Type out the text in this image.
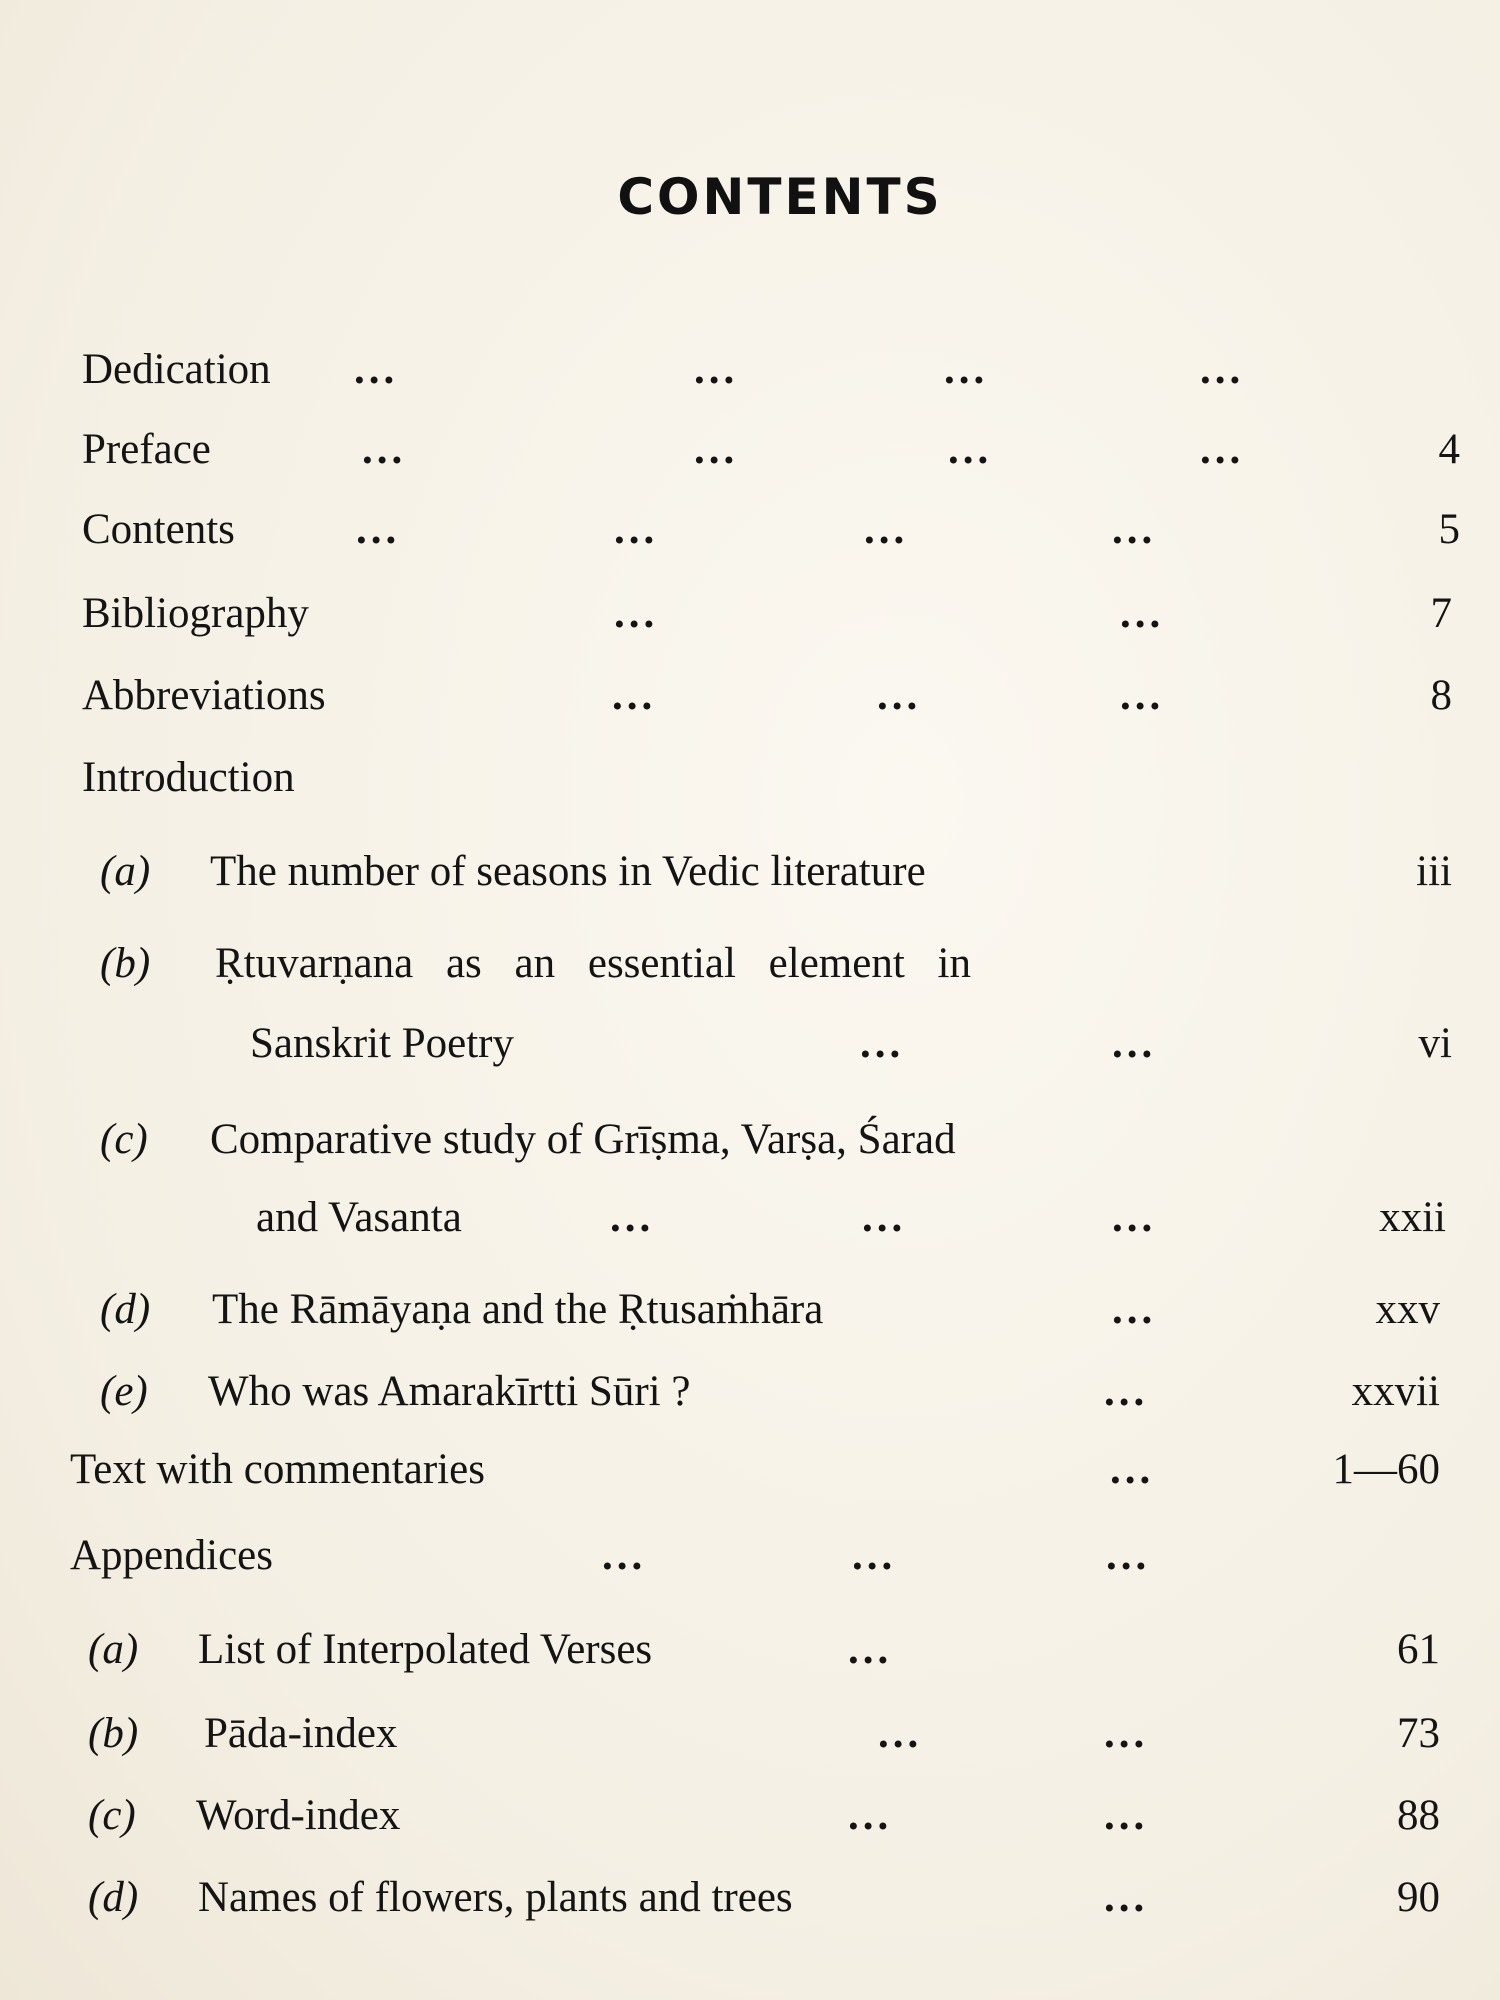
CONTENTS
Dedication ...	...	...	...
Preface	...	...	...	...	4
Contents	...	...	...	...	5
Bibliography	...	...	7
Abbreviations	...	...	...	8
Introduction
(a) The number of seasons in Vedic literature	iii
(b) Ṛtuvarṇana as an essential element in
Sanskrit Poetry	...	...	vi
(c) Comparative study of Grīṣma, Varṣa, Śarad
and Vasanta	...	...	...	xxii
(d) The Rāmāyaṇa and the Ṛtusaṁhāra	...	xxv
(e) Who was Amarakīrtti Sūri ?	...	xxvii
Text with commentaries	...	1—60
Appendices	...	...	...
(a) List of Interpolated Verses	...	61
(b) Pāda-index	...	...	73
(c) Word-index	...	...	88
(d) Names of flowers, plants and trees	...	90
